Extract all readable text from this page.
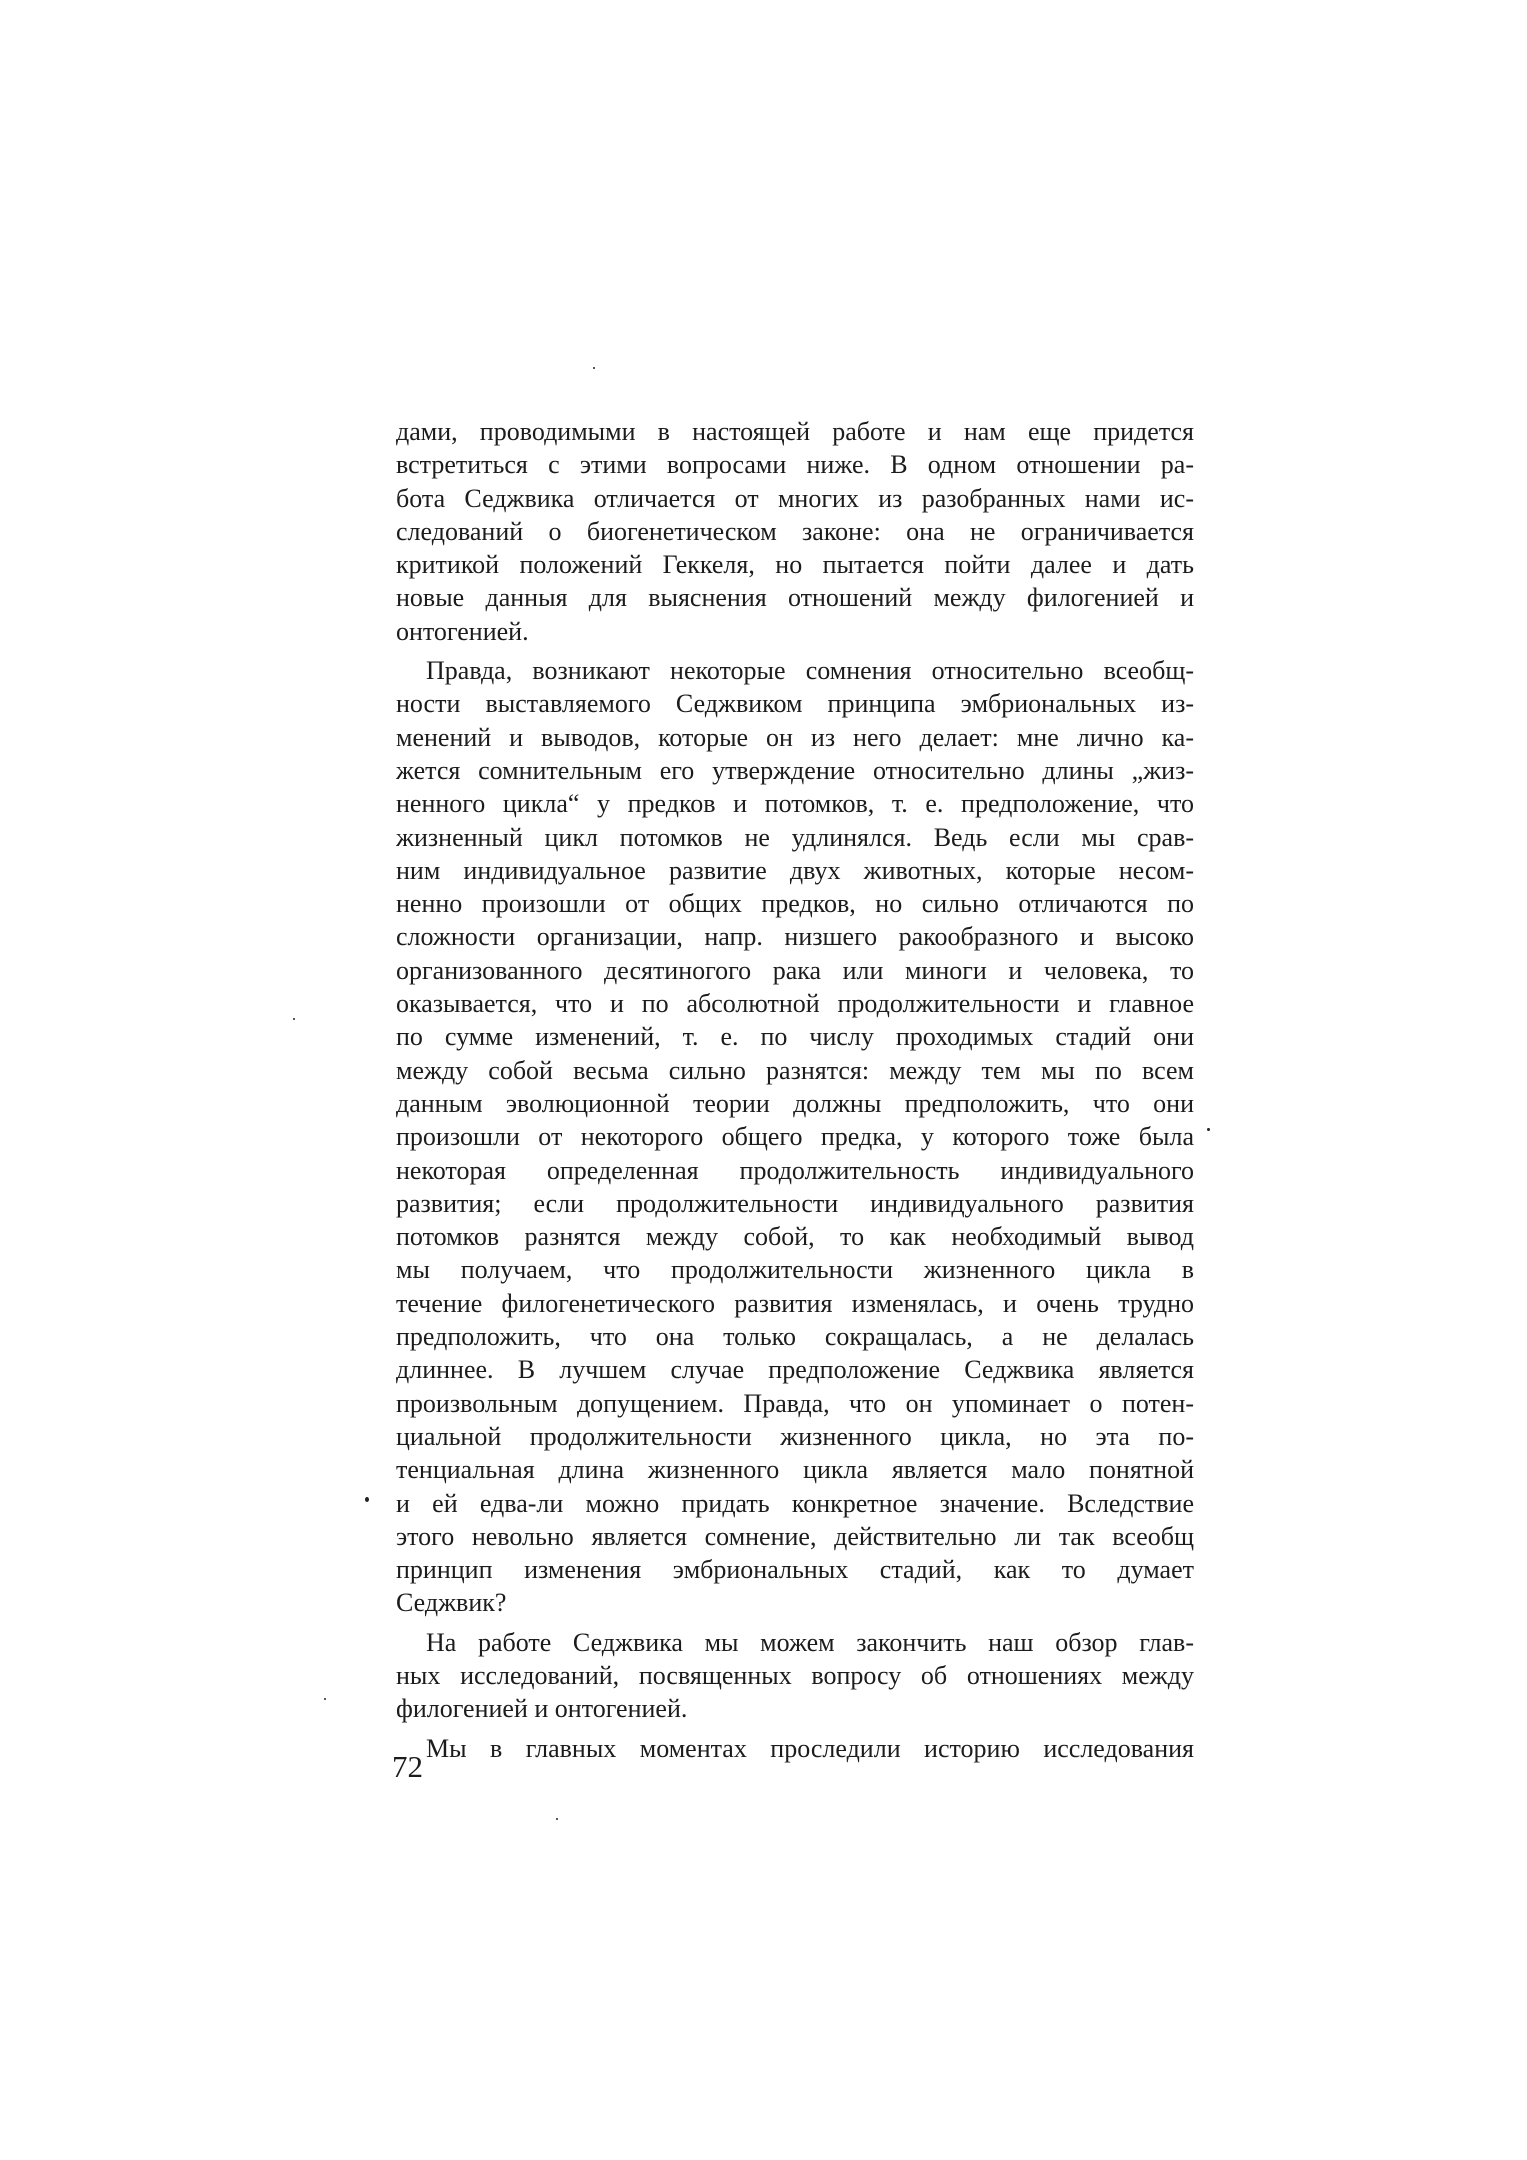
дами, проводимыми в настоящей работе и нам еще придется
встретиться с этими вопросами ниже. В одном отношении ра-
бота Седжвика отличается от многих из разобранных нами ис-
следований о биогенетическом законе: она не ограничивается
критикой положений Геккеля, но пытается пойти далее и дать
новые данныя для выяснения отношений между филогенией и
онтогенией.
Правда, возникают некоторые сомнения относительно всеобщ-
ности выставляемого Седжвиком принципа эмбриональных из-
менений и выводов, которые он из него делает: мне лично ка-
жется сомнительным его утверждение относительно длины „жиз-
ненного цикла“ у предков и потомков, т. е. предположение, что
жизненный цикл потомков не удлинялся. Ведь если мы срав-
ним индивидуальное развитие двух животных, которые несом-
ненно произошли от общих предков, но сильно отличаются по
сложности организации, напр. низшего ракообразного и высоко
организованного десятиногого рака или миноги и человека, то
оказывается, что и по абсолютной продолжительности и главное
по сумме изменений, т. е. по числу проходимых стадий они
между собой весьма сильно разнятся: между тем мы по всем
данным эволюционной теории должны предположить, что они
произошли от некоторого общего предка, у которого тоже была
некоторая определенная продолжительность индивидуального
развития; если продолжительности индивидуального развития
потомков разнятся между собой, то как необходимый вывод
мы получаем, что продолжительности жизненного цикла в
течение филогенетического развития изменялась, и очень трудно
предположить, что она только сокращалась, а не делалась
длиннее. В лучшем случае предположение Седжвика является
произвольным допущением. Правда, что он упоминает о потен-
циальной продолжительности жизненного цикла, но эта по-
тенциальная длина жизненного цикла является мало понятной
и ей едва-ли можно придать конкретное значение. Вследствие
этого невольно является сомнение, действительно ли так всеобщ
принцип изменения эмбриональных стадий, как то думает
Седжвик?
На работе Седжвика мы можем закончить наш обзор глав-
ных исследований, посвященных вопросу об отношениях между
филогенией и онтогенией.
Мы в главных моментах проследили историю исследования
72
